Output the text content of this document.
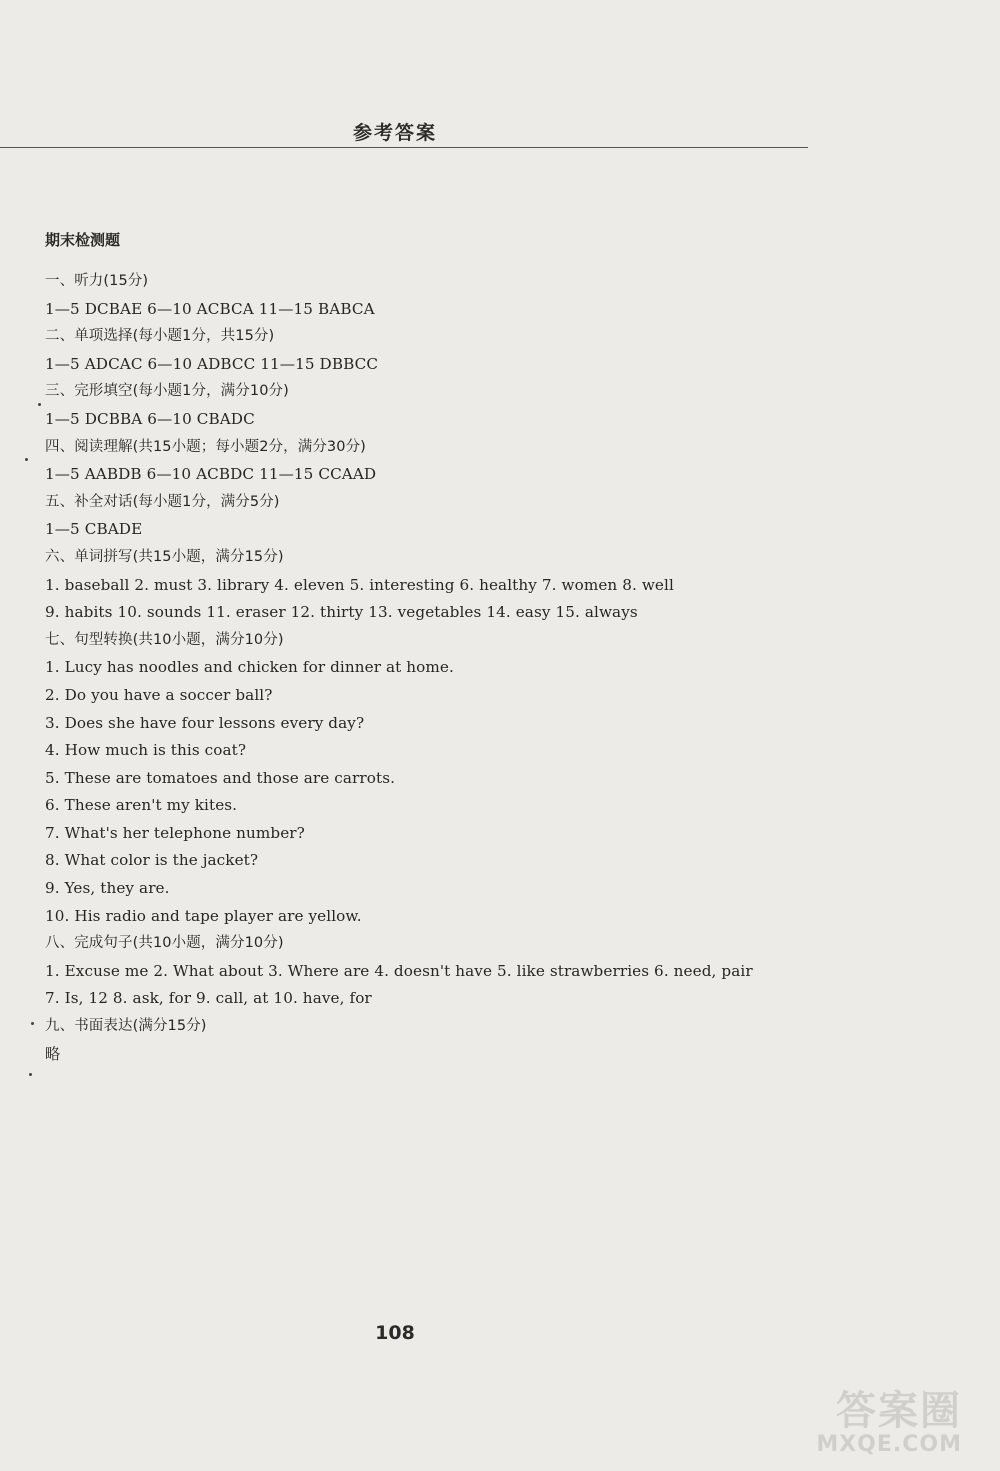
参考答案
期末检测题
一、听力(15分)
1—5 DCBAE 6—10 ACBCA 11—15 BABCA
二、单项选择(每小题1分，共15分)
1—5 ADCAC 6—10 ADBCC 11—15 DBBCC
三、完形填空(每小题1分，满分10分)
1—5 DCBBA 6—10 CBADC
四、阅读理解(共15小题；每小题2分，满分30分)
1—5 AABDB 6—10 ACBDC 11—15 CCAAD
五、补全对话(每小题1分，满分5分)
1—5 CBADE
六、单词拼写(共15小题，满分15分)
1. baseball 2. must 3. library 4. eleven 5. interesting 6. healthy 7. women 8. well
9. habits 10. sounds 11. eraser 12. thirty 13. vegetables 14. easy 15. always
七、句型转换(共10小题，满分10分)
1. Lucy has noodles and chicken for dinner at home.
2. Do you have a soccer ball?
3. Does she have four lessons every day?
4. How much is this coat?
5. These are tomatoes and those are carrots.
6. These aren't my kites.
7. What's her telephone number?
8. What color is the jacket?
9. Yes, they are.
10. His radio and tape player are yellow.
八、完成句子(共10小题，满分10分)
1. Excuse me 2. What about 3. Where are 4. doesn't have 5. like strawberries 6. need, pair
7. Is, 12 8. ask, for 9. call, at 10. have, for
九、书面表达(满分15分)
略
108
答案圈
MXQE.COM
